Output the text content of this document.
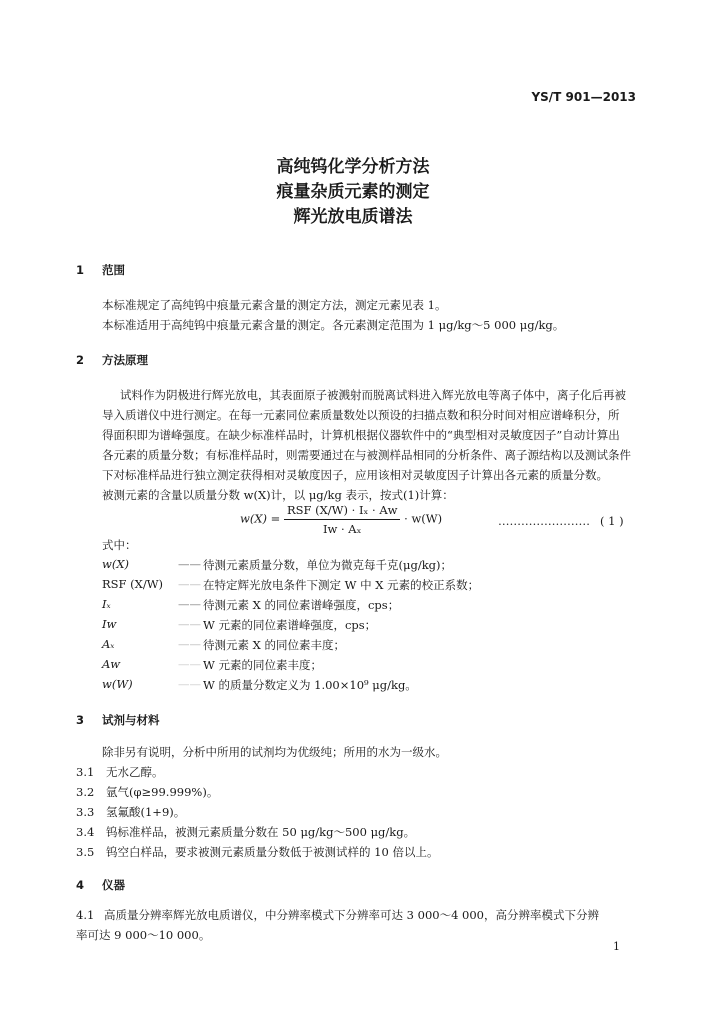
YS/T 901—2013
高纯钨化学分析方法
痕量杂质元素的测定
辉光放电质谱法
1 范围
本标准规定了高纯钨中痕量元素含量的测定方法，测定元素见表 1。
本标准适用于高纯钨中痕量元素含量的测定。各元素测定范围为 1 μg/kg～5 000 μg/kg。
2 方法原理
试料作为阴极进行辉光放电，其表面原子被溅射而脱离试料进入辉光放电等离子体中，离子化后再被
导入质谱仪中进行测定。在每一元素同位素质量数处以预设的扫描点数和积分时间对相应谱峰积分，所
得面积即为谱峰强度。在缺少标准样品时，计算机根据仪器软件中的“典型相对灵敏度因子”自动计算出
各元素的质量分数；有标准样品时，则需要通过在与被测样品相同的分析条件、离子源结构以及测试条件
下对标准样品进行独立测定获得相对灵敏度因子，应用该相对灵敏度因子计算出各元素的质量分数。
被测元素的含量以质量分数 w(X)计，以 μg/kg 表示，按式(1)计算：
$w(X) = \frac{\text{RSF (X/W) · Iₓ · Aᴡ}}{\text{Iᴡ · Aₓ}} \cdot w(W)$	…………………… ( 1 )
式中：
w(X)	—— 待测元素质量分数，单位为微克每千克(μg/kg)；
RSF (X/W) —— 在特定辉光放电条件下测定 W 中 X 元素的校正系数；
Iₓ	—— 待测元素 X 的同位素谱峰强度，cps；
Iᴡ	—— W 元素的同位素谱峰强度，cps；
Aₓ	—— 待测元素 X 的同位素丰度；
Aᴡ	—— W 元素的同位素丰度；
w(W)	—— W 的质量分数定义为 1.00×10⁹ μg/kg。
3 试剂与材料
除非另有说明，分析中所用的试剂均为优级纯；所用的水为一级水。
3.1 无水乙醇。
3.2 氩气(φ≥99.999%)。
3.3 氢氟酸(1+9)。
3.4 钨标准样品，被测元素质量分数在 50 μg/kg～500 μg/kg。
3.5 钨空白样品，要求被测元素质量分数低于被测试样的 10 倍以上。
4 仪器
4.1 高质量分辨率辉光放电质谱仪，中分辨率模式下分辨率可达 3 000～4 000，高分辨率模式下分辨
率可达 9 000～10 000。
1
